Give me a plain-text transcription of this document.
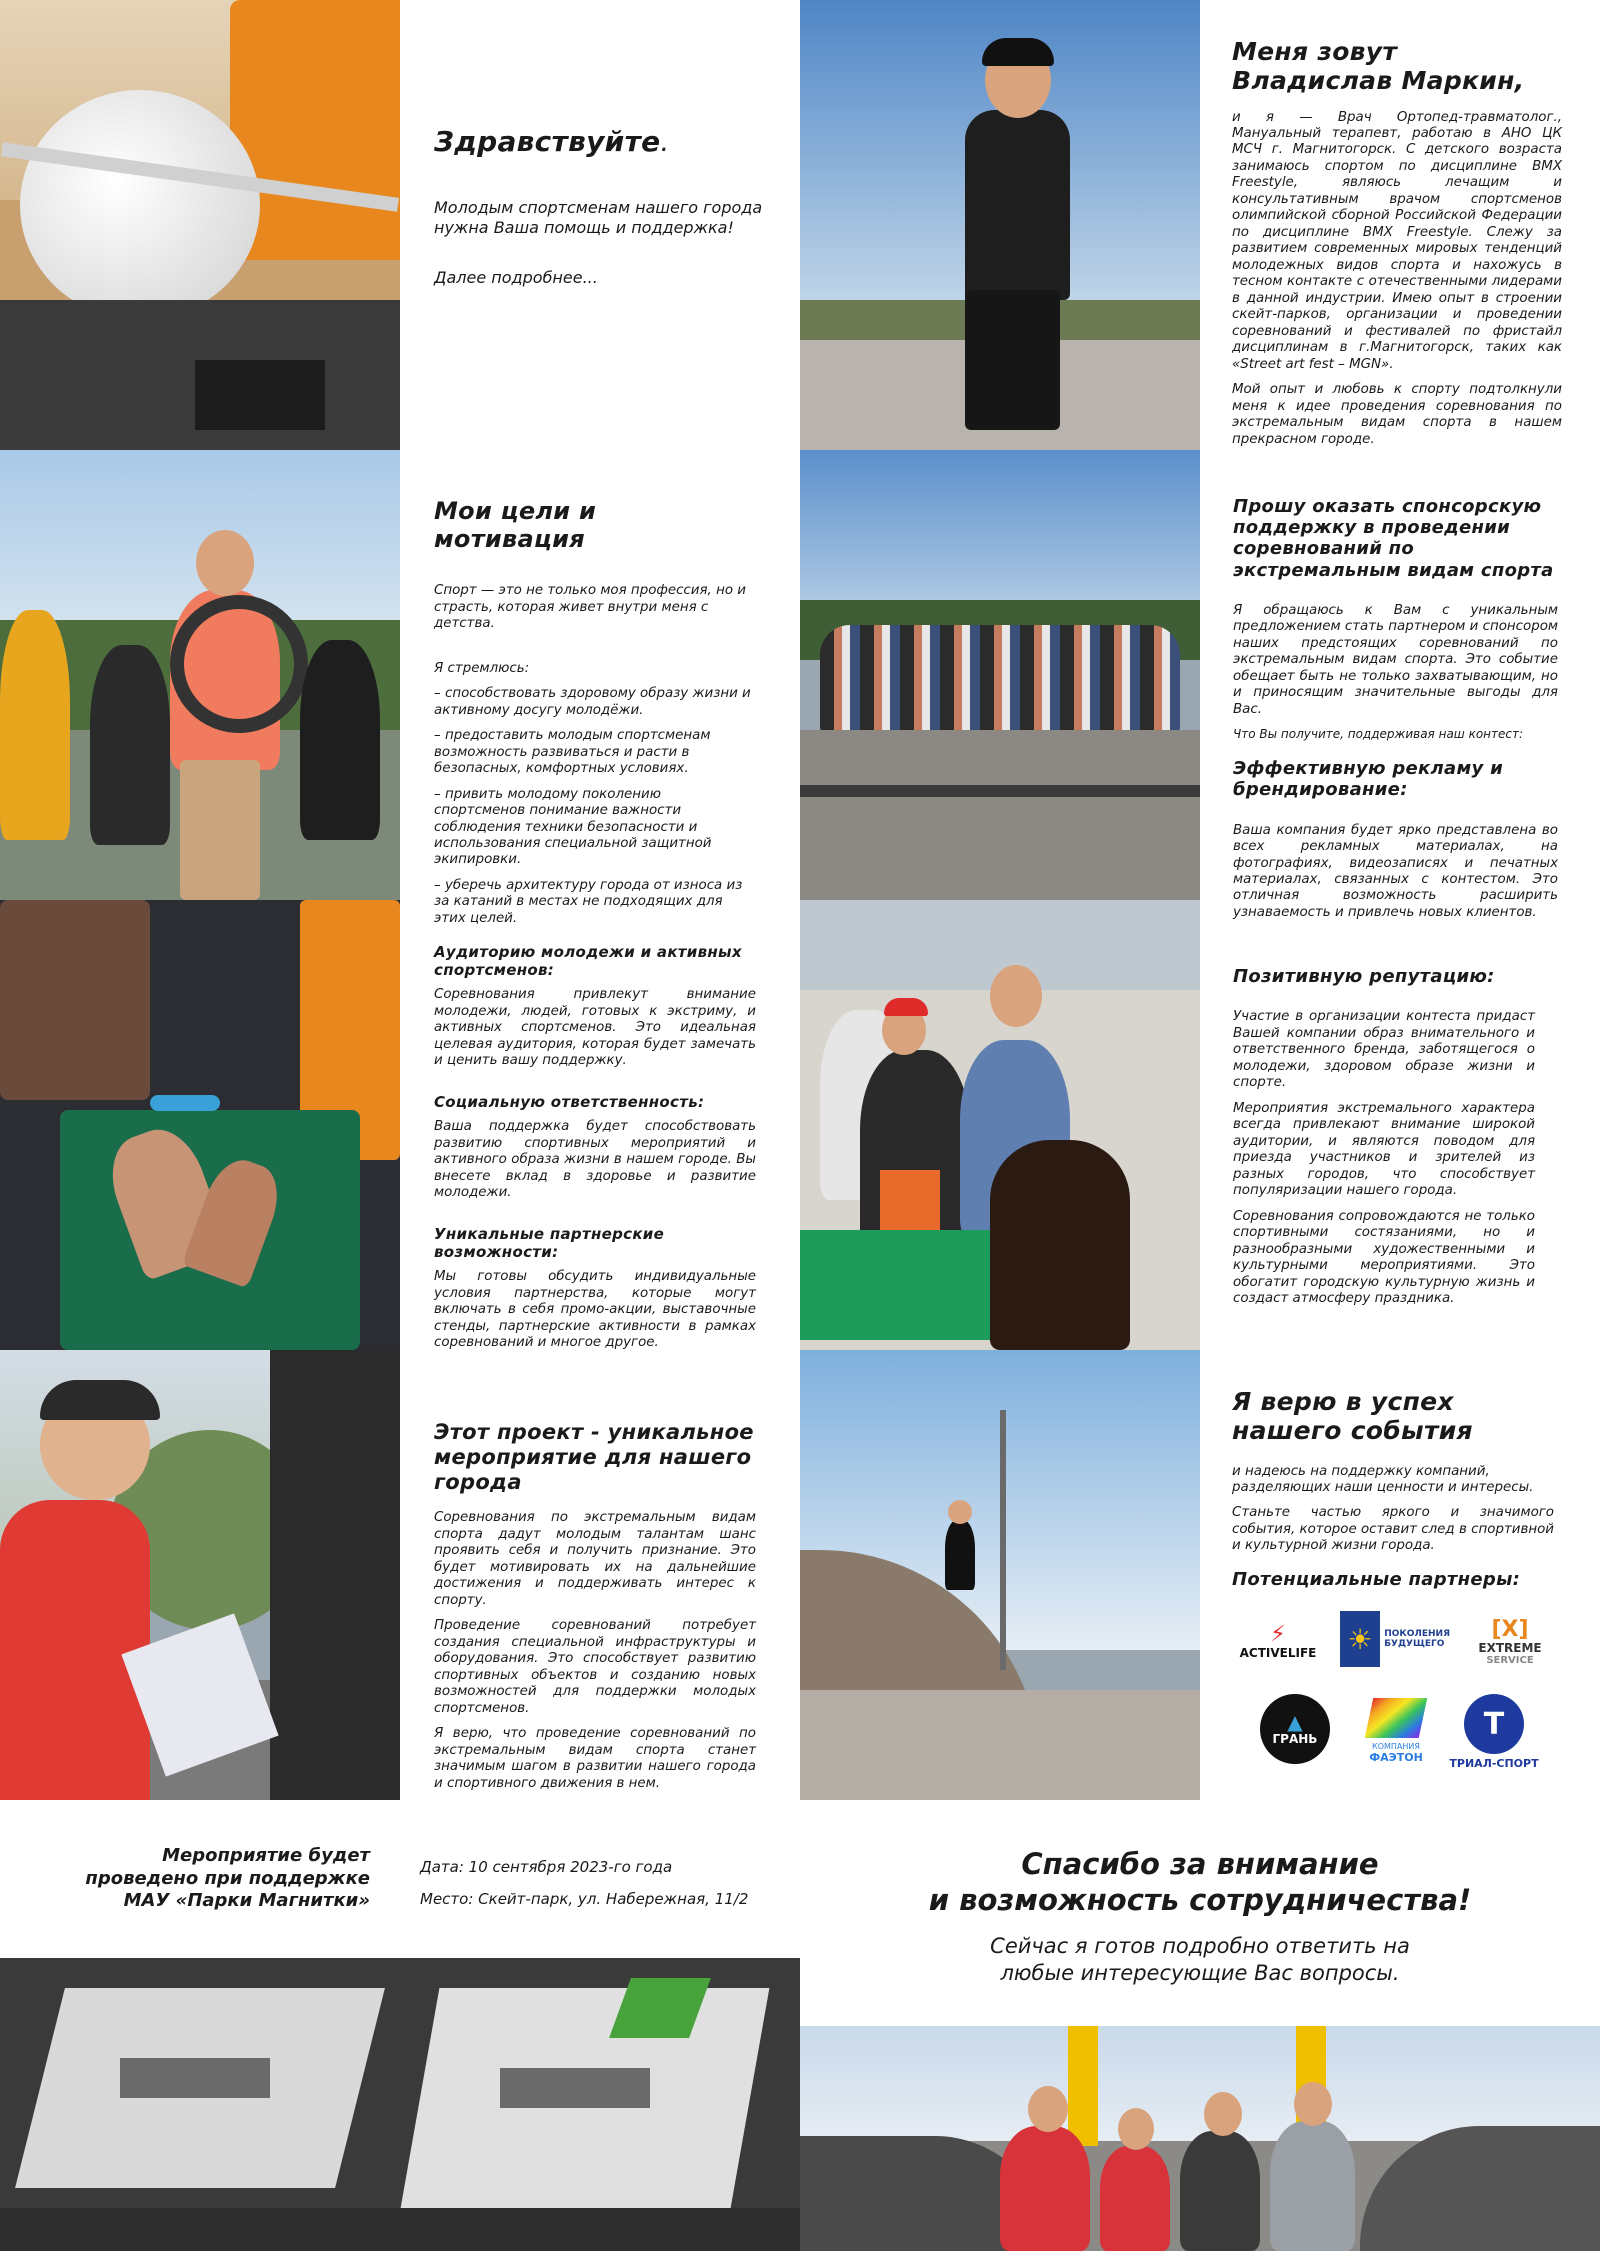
Здравствуйте.

Молодым спортсменам нашего города нужна Ваша помощь и поддержка!

Далее подробнее...

Меня зовут Владислав Маркин,

и я — Врач Ортопед-травматолог., Мануальный терапевт, работаю в АНО ЦК МСЧ г. Магнитогорск. С детского возраста занимаюсь спортом по дисциплине BMX Freestyle, являюсь лечащим и консультативным врачом спортсменов олимпийской сборной Российской Федерации по дисциплине BMX Freestyle. Слежу за развитием современных мировых тенденций молодежных видов спорта и нахожусь в тесном контакте с отечественными лидерами в данной индустрии. Имею опыт в строении скейт-парков, организации и проведении соревнований и фестивалей по фристайл дисциплинам в г.Магнитогорск, таких как «Street art fest – MGN».

Мой опыт и любовь к спорту подтолкнули меня к идее проведения соревнования по экстремальным видам спорта в нашем прекрасном городе.

Мои цели и мотивация

Спорт — это не только моя профессия, но и страсть, которая живет внутри меня с детства.

Я стремлюсь:

– способствовать здоровому образу жизни и активному досугу молодёжи.

– предоставить молодым спортсменам возможность развиваться и расти в безопасных, комфортных условиях.

– привить молодому поколению спортсменов понимание важности соблюдения техники безопасности и использования специальной защитной экипировки.

– уберечь архитектуру города от износа из за катаний в местах не подходящих для этих целей.

Прошу оказать спонсорскую поддержку в проведении соревнований по экстремальным видам спорта

Я обращаюсь к Вам с уникальным предложением стать партнером и спонсором наших предстоящих соревнований по экстремальным видам спорта. Это событие обещает быть не только захватывающим, но и приносящим значительные выгоды для Вас.

Что Вы получите, поддерживая наш контест:

Эффективную рекламу и брендирование:

Ваша компания будет ярко представлена во всех рекламных материалах, на фотографиях, видеозаписях и печатных материалах, связанных с контестом. Это отличная возможность расширить узнаваемость и привлечь новых клиентов.

Аудиторию молодежи и активных спортсменов:

Соревнования привлекут внимание молодежи, людей, готовых к экстриму, и активных спортсменов. Это идеальная целевая аудитория, которая будет замечать и ценить вашу поддержку.

Социальную ответственность:

Ваша поддержка будет способствовать развитию спортивных мероприятий и активного образа жизни в нашем городе. Вы внесете вклад в здоровье и развитие молодежи.

Уникальные партнерские возможности:

Мы готовы обсудить индивидуальные условия партнерства, которые могут включать в себя промо-акции, выставочные стенды, партнерские активности в рамках соревнований и многое другое.

Позитивную репутацию:

Участие в организации контеста придаст Вашей компании образ внимательного и ответственного бренда, заботящегося о молодежи, здоровом образе жизни и спорте.

Мероприятия экстремального характера всегда привлекают внимание широкой аудитории, и являются поводом для приезда участников и зрителей из разных городов, что способствует популяризации нашего города.

Соревнования сопровождаются не только спортивными состязаниями, но и разнообразными художественными и культурными мероприятиями. Это обогатит городскую культурную жизнь и создаст атмосферу праздника.

Этот проект - уникальное мероприятие для нашего города

Соревнования по экстремальным видам спорта дадут молодым талантам шанс проявить себя и получить признание. Это будет мотивировать их на дальнейшие достижения и поддерживать интерес к спорту.

Проведение соревнований потребует создания специальной инфраструктуры и оборудования. Это способствует развитию спортивных объектов и созданию новых возможностей для поддержки молодых спортсменов.

Я верю, что проведение соревнований по экстремальным видам спорта станет значимым шагом в развитии нашего города и спортивного движения в нем.

Я верю в успех нашего события

и надеюсь на поддержку компаний, разделяющих наши ценности и интересы.

Станьте частью яркого и значимого события, которое оставит след в спортивной и культурной жизни города.

Потенциальные партнеры:
⚡
ACTIVELIFE ☀	ПОКОЛЕНИЯ
БУДУЩЕГО
[X]
EXTREME
SERVICE
▲
ГРАНЬ
КОМПАНИЯ
ФАЭТОН
T
ТРИАЛ-СПОРТ
Мероприятие будет
проведено при поддержке
МАУ «Парки Магнитки»
Дата: 10 сентября 2023-го года
Место: Скейт-парк, ул. Набережная, 11/2
Спасибо за внимание
и возможность сотрудничества!
Сейчас я готов подробно ответить на
любые интересующие Вас вопросы.
